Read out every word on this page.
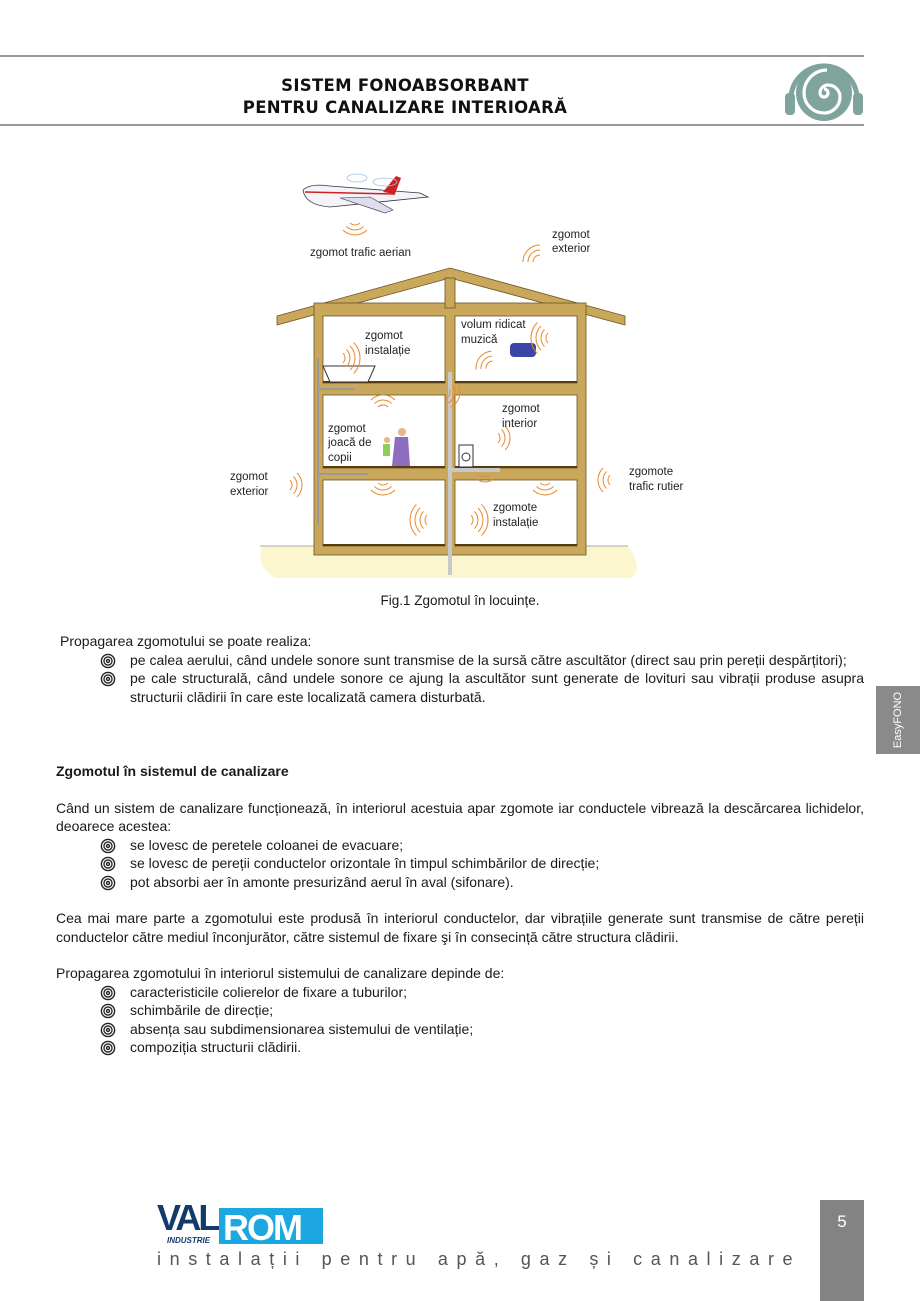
SISTEM FONOABSORBANT
PENTRU CANALIZARE INTERIOARĂ
EasyFONO
zgomot trafic aerian
zgomot
exterior
zgomot
instalație
volum ridicat
muzică
zgomot
interior
zgomot
joacă de
copii
zgomot
exterior
zgomote
trafic rutier
zgomote
instalație
Fig.1 Zgomotul în locuințe.

Propagarea zgomotului se poate realiza:

pe calea aerului, când undele sonore sunt transmise de la sursă către ascultător (direct sau prin pereții despărțitori);
pe cale structurală, când undele sonore ce ajung la ascultător sunt generate de lovituri sau vibrații produse asupra structurii clădirii în care este localizată camera disturbată.

Zgomotul în sistemul de canalizare

Când un sistem de canalizare funcționează, în interiorul acestuia apar zgomote iar conductele vibrează la descărcarea lichidelor, deoarece acestea:

se lovesc de peretele coloanei de evacuare;
se lovesc de pereții conductelor orizontale în timpul schimbărilor de direcție;
pot absorbi aer în amonte presurizând aerul în aval (sifonare).

Cea mai mare parte a zgomotului este produsă în interiorul conductelor, dar vibrațiile generate sunt transmise de către pereții conductelor către mediul înconjurător, către sistemul de fixare şi în consecință către structura clădirii.

Propagarea zgomotului în interiorul sistemului de canalizare depinde de:

caracteristicile colierelor de fixare a tuburilor;
schimbările de direcție;
absența sau subdimensionarea sistemului de ventilație;
compoziția structurii clădirii.
VAL ROM
INDUSTRIE
instalații pentru apă, gaz și canalizare
5
